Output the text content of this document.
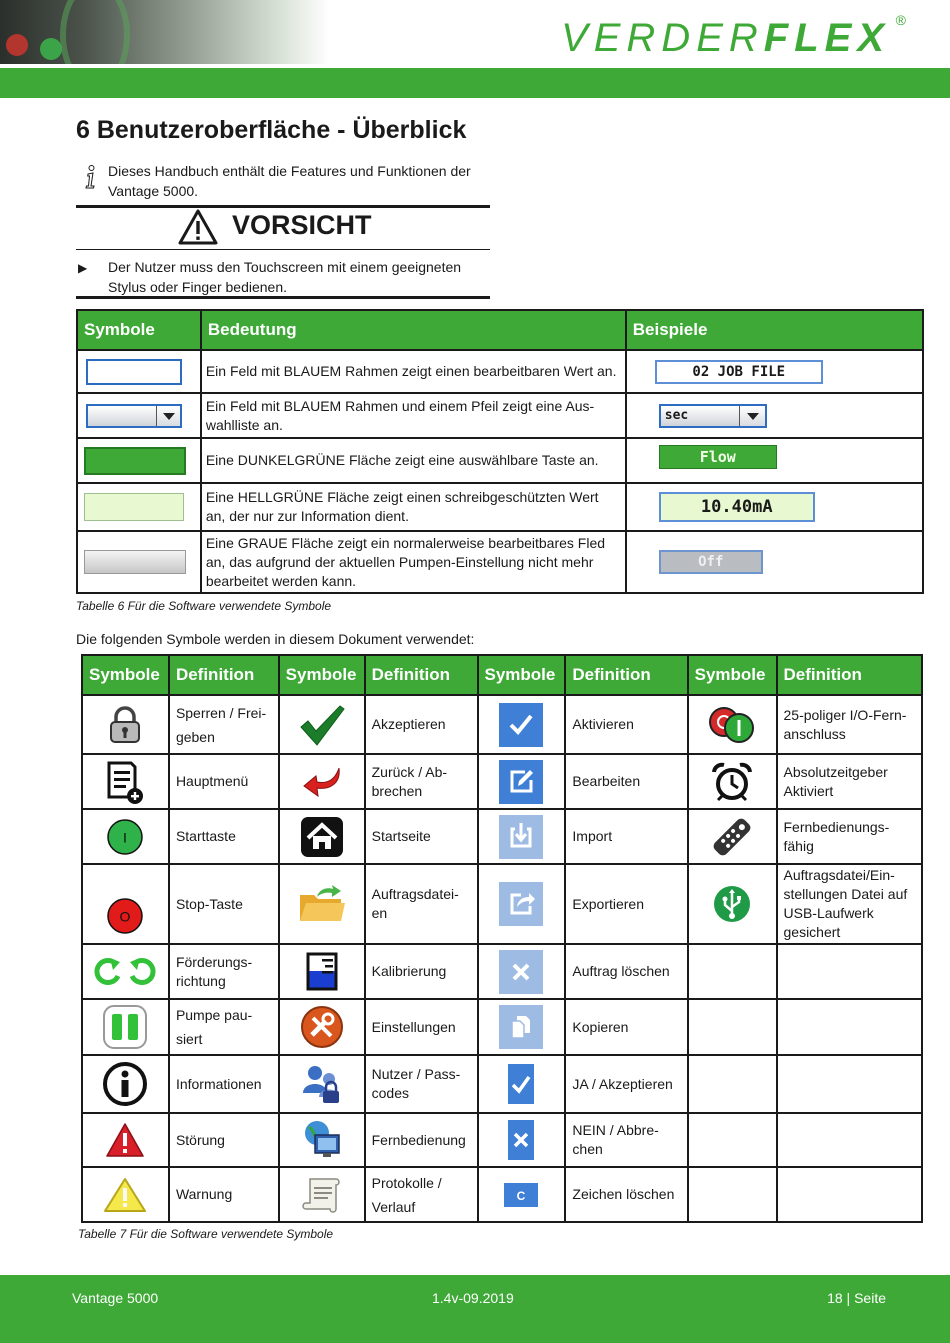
VERDERFLEX ®
6 Benutzeroberfläche - Überblick
Dieses Handbuch enthält die Features und Funktionen der Vantage 5000.
VORSICHT
▶ Der Nutzer muss den Touchscreen mit einem geeigneten Stylus oder Finger bedienen.
Symbole	Bedeutung	Beispiele

	Ein Feld mit BLAUEM Rahmen zeigt einen bearbeitbaren Wert an.	02 JOB FILE

	Ein Feld mit BLAUEM Rahmen und einem Pfeil zeigt eine Aus-wahlliste an.	sec

	Eine DUNKELGRÜNE Fläche zeigt eine auswählbare Taste an.	Flow

	Eine HELLGRÜNE Fläche zeigt einen schreibgeschützten Wert an, der nur zur Information dient.	10.40mA

	Eine GRAUE Fläche zeigt ein normalerweise bearbeitbares Fled an, das aufgrund der aktuellen Pumpen-Einstellung nicht mehr bearbeitet werden kann.	Off
Tabelle 6 Für die Software verwendete Symbole
Die folgenden Symbole werden in diesem Dokument verwendet:
Symbole	Definition	Symbole	Definition	Symbole	Definition	Symbole	Definition

	Sperren / Frei-geben		Akzeptieren		Aktivieren		25-poliger I/O-Fern-anschluss

	Hauptmenü		Zurück / Ab-brechen		Bearbeiten		Absolutzeitgeber Aktiviert

I	Starttaste		Startseite		Import		Fernbedienungs-fähig

O	Stop-Taste		Auftragsdatei-en		Exportieren		Auftragsdatei/Ein-stellungen Datei auf USB-Laufwerk gesichert

	Förderungs-richtung		Kalibrierung		Auftrag löschen		

	Pumpe pau-siert		Einstellungen		Kopieren		

	Informationen		Nutzer / Pass-codes		JA / Akzeptieren		

	Störung		Fernbedienung		NEIN / Abbre-chen		

	Warnung		Protokolle / Verlauf	C	Zeichen löschen		
Tabelle 7 Für die Software verwendete Symbole
Vantage 5000	1.4v-09.2019	18 | Seite
